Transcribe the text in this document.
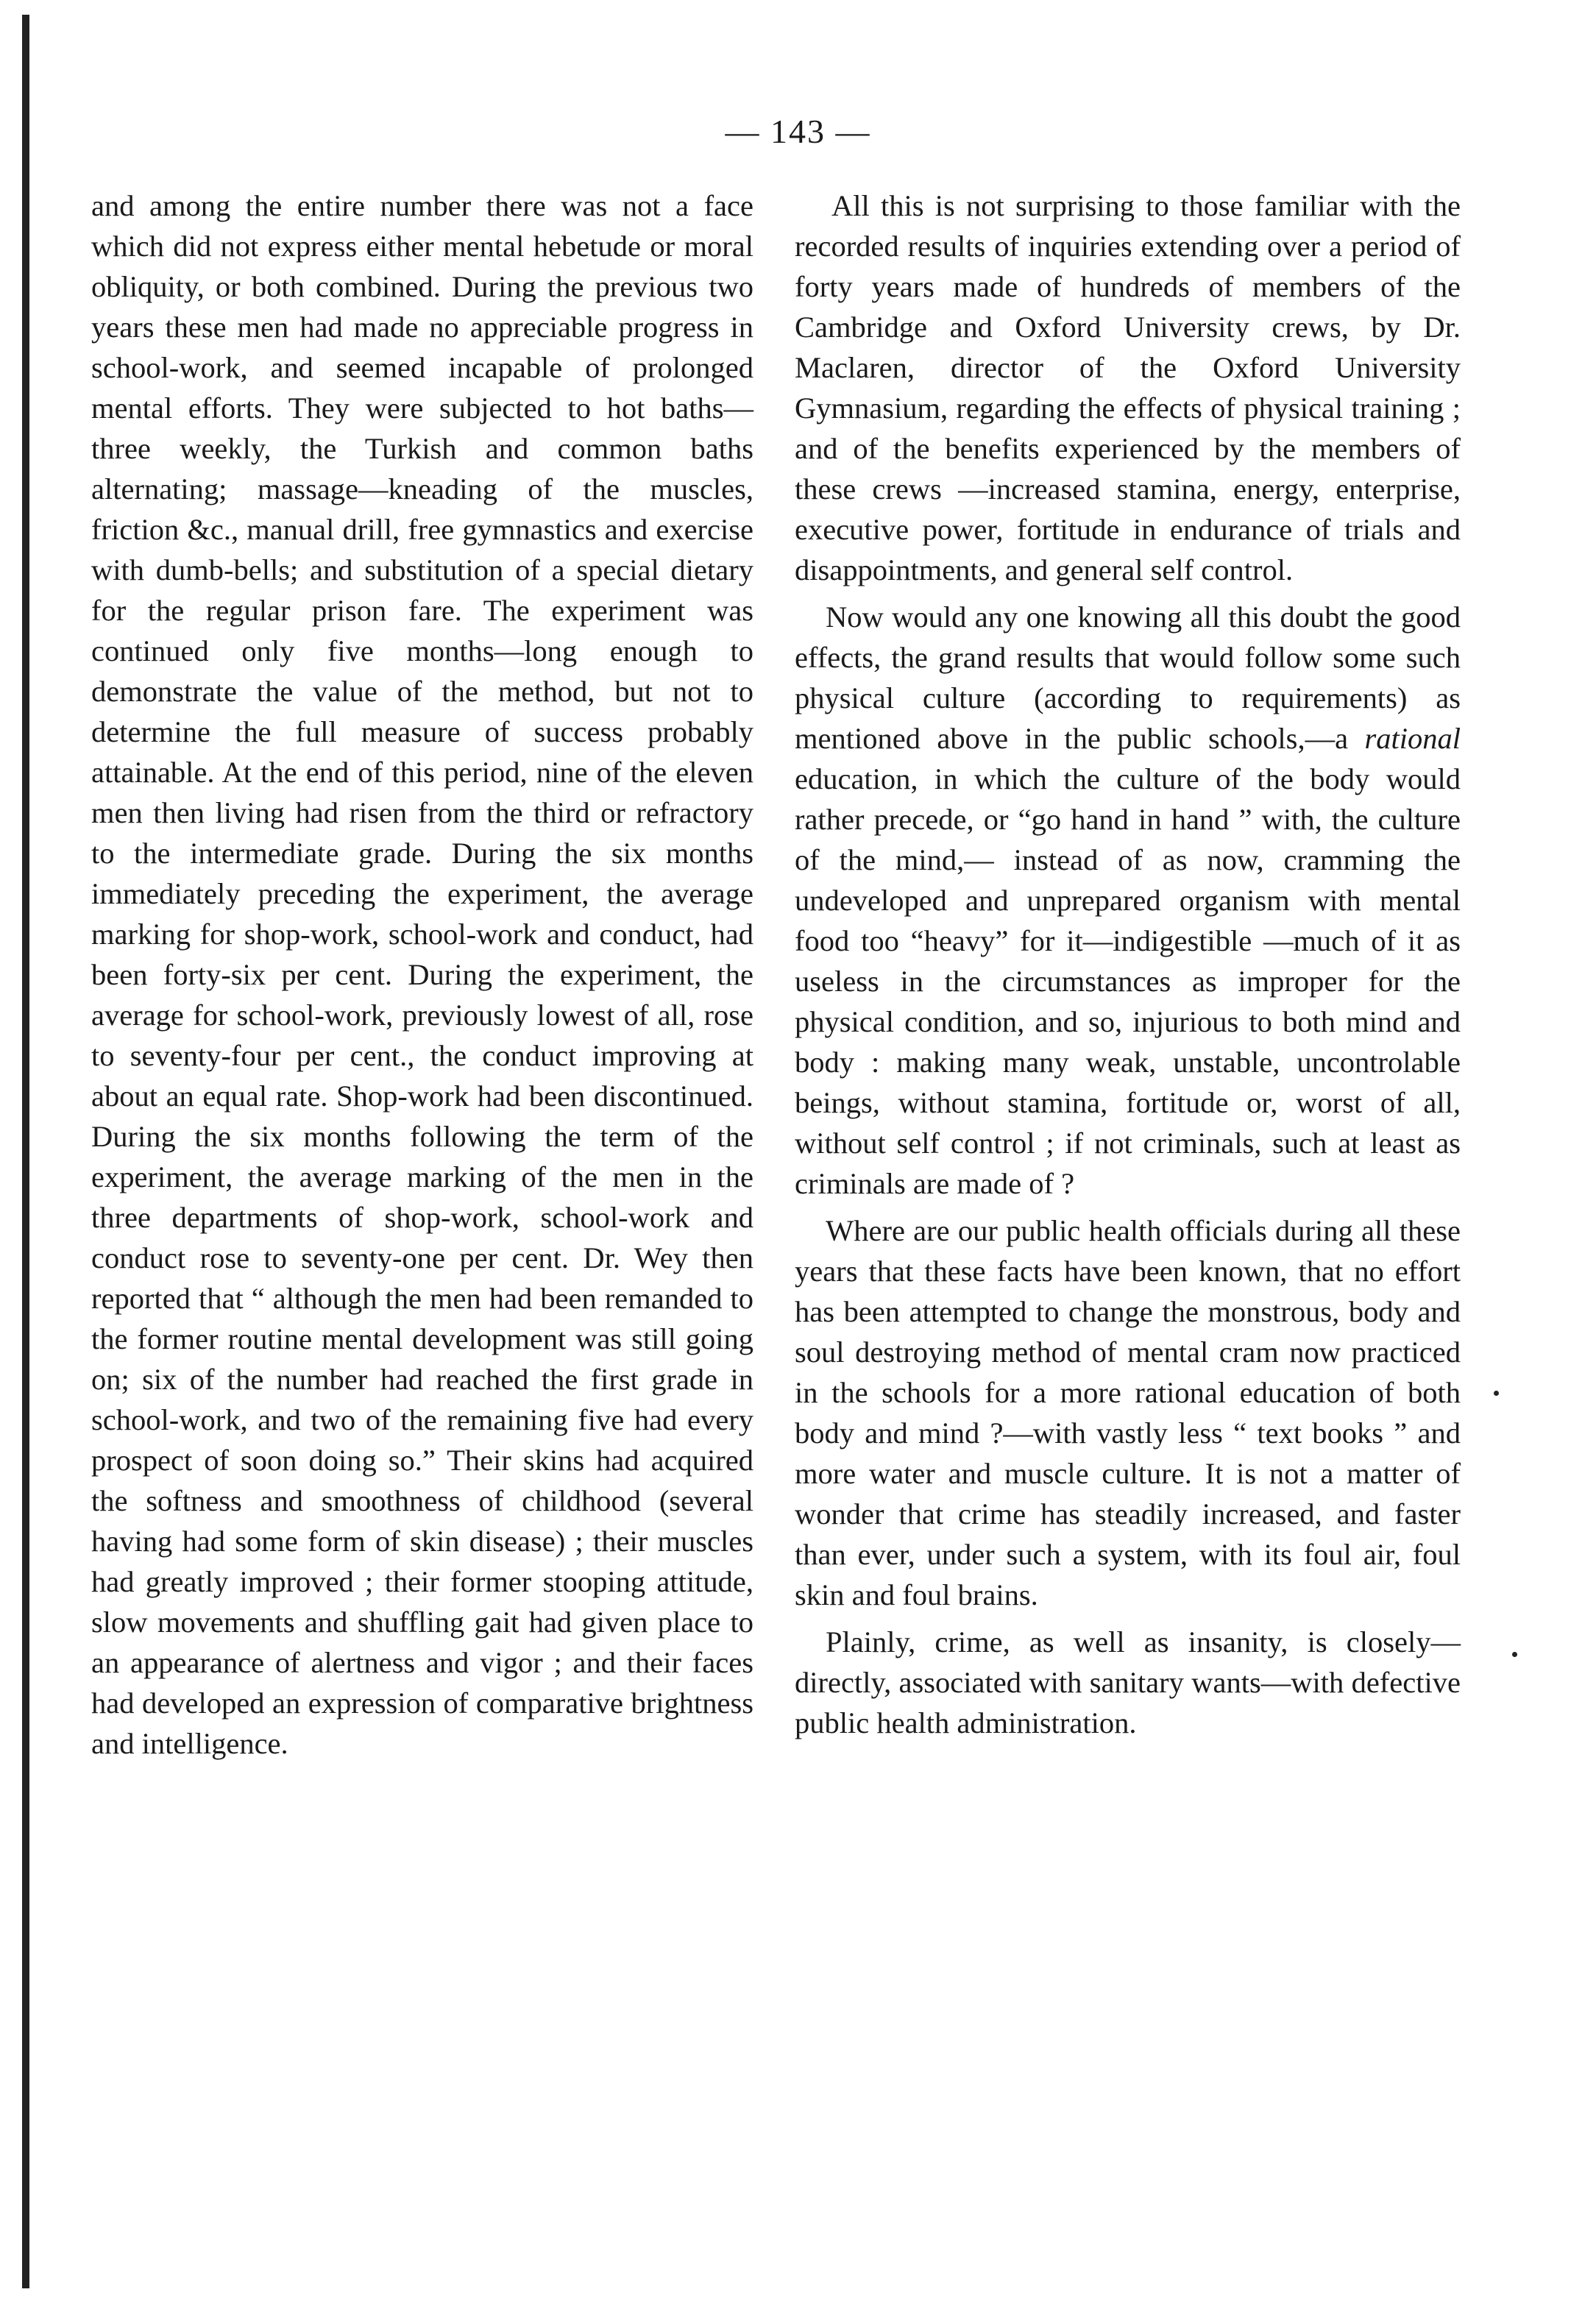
— 143 —

and among the entire number there was not a face which did not express either mental hebetude or moral obliquity, or both combined. During the previous two years these men had made no appreciable progress in school-work, and seemed incapable of prolonged mental efforts. They were subjected to hot baths—three weekly, the Turkish and common baths alternating; massage—kneading of the muscles, friction &c., manual drill, free gymnastics and exercise with dumb-bells; and substitution of a special dietary for the regular prison fare. The experiment was continued only five months—long enough to demonstrate the value of the method, but not to determine the full measure of success probably attainable. At the end of this period, nine of the eleven men then living had risen from the third or refractory to the intermediate grade. During the six months immediately preceding the experiment, the average marking for shop-work, school-work and conduct, had been forty-six per cent. During the experiment, the average for school-work, previously lowest of all, rose to seventy-four per cent., the conduct improving at about an equal rate. Shop-work had been discontinued. During the six months following the term of the experiment, the average marking of the men in the three departments of shop-work, school-work and conduct rose to seventy-one per cent. Dr. Wey then reported that “ although the men had been remanded to the former routine mental development was still going on; six of the number had reached the first grade in school-work, and two of the remaining five had every prospect of soon doing so.” Their skins had acquired the softness and smoothness of childhood (several having had some form of skin disease) ; their muscles had greatly improved ; their former stooping attitude, slow movements and shuffling gait had given place to an appearance of alertness and vigor ; and their faces had developed an expression of comparative brightness and intelligence.

All this is not surprising to those familiar with the recorded results of inquiries extending over a period of forty years made of hundreds of members of the Cambridge and Oxford University crews, by Dr. Maclaren, director of the Oxford University Gymnasium, regarding the effects of physical training ; and of the benefits experienced by the members of these crews —increased stamina, energy, enterprise, executive power, fortitude in endurance of trials and disappointments, and general self control.

Now would any one knowing all this doubt the good effects, the grand results that would follow some such physical culture (according to requirements) as mentioned above in the public schools,—a rational education, in which the culture of the body would rather precede, or “go hand in hand ” with, the culture of the mind,— instead of as now, cramming the undeveloped and unprepared organism with mental food too “heavy” for it—indigestible —much of it as useless in the circumstances as improper for the physical condition, and so, injurious to both mind and body : making many weak, unstable, uncontrolable beings, without stamina, fortitude or, worst of all, without self control ; if not criminals, such at least as criminals are made of ?

Where are our public health officials during all these years that these facts have been known, that no effort has been attempted to change the monstrous, body and soul destroying method of mental cram now practiced in the schools for a more rational education of both body and mind ?—with vastly less “ text books ” and more water and muscle culture. It is not a matter of wonder that crime has steadily increased, and faster than ever, under such a system, with its foul air, foul skin and foul brains.

Plainly, crime, as well as insanity, is closely—directly, associated with sanitary wants—with defective public health administration.
